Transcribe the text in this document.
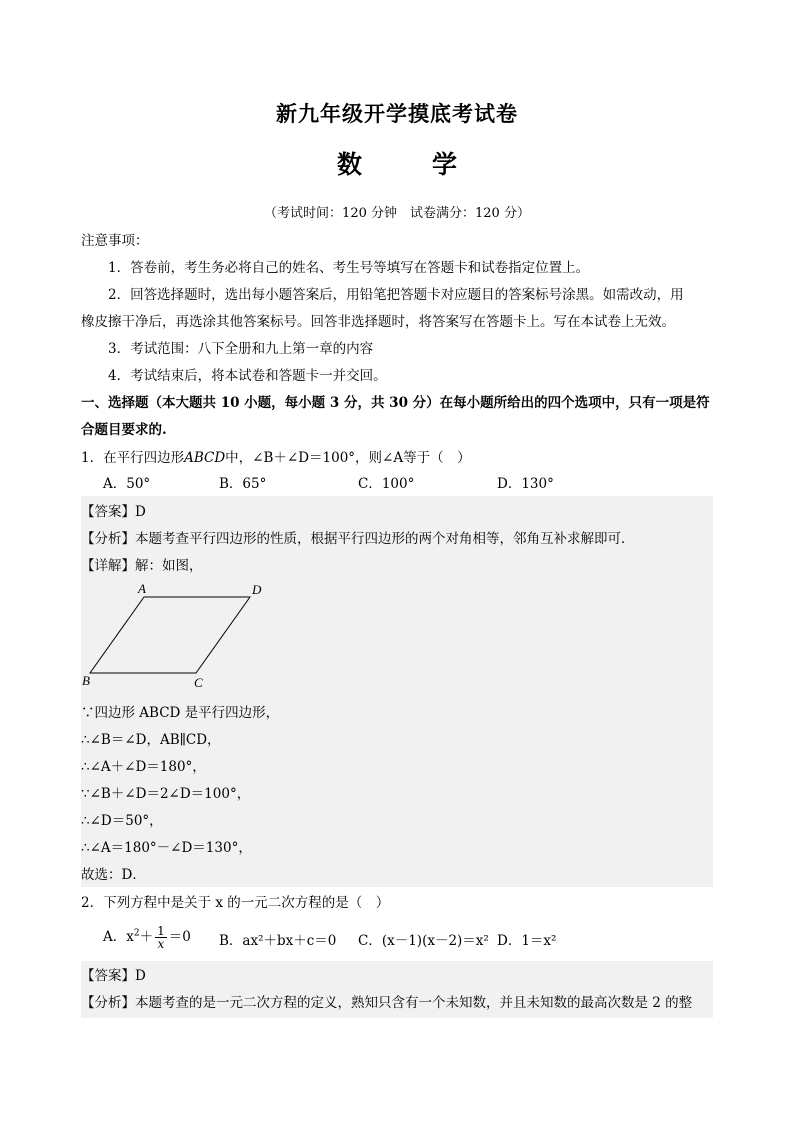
新九年级开学摸底考试卷
数	学
（考试时间：120 分钟　试卷满分：120 分）
注意事项：
1．答卷前，考生务必将自己的姓名、考生号等填写在答题卡和试卷指定位置上。
2．回答选择题时，选出每小题答案后，用铅笔把答题卡对应题目的答案标号涂黑。如需改动，用
橡皮擦干净后，再选涂其他答案标号。回答非选择题时，将答案写在答题卡上。写在本试卷上无效。
3．考试范围：八下全册和九上第一章的内容
4．考试结束后，将本试卷和答题卡一并交回。
一、选择题（本大题共 10 小题，每小题 3 分，共 30 分）在每小题所给出的四个选项中，只有一项是符
合题目要求的.
1．在平行四边形ABCD中，∠B＋∠D＝100°，则∠A等于（　）
A．50°	B．65°	C．100°	D．130°
【答案】D
【分析】本题考查平行四边形的性质，根据平行四边形的两个对角相等，邻角互补求解即可．
【详解】解：如图，
A	D
B	C
∵四边形 ABCD 是平行四边形，
∴∠B＝∠D，AB∥CD，
∴∠A＋∠D＝180°，
∵∠B＋∠D＝2∠D＝100°，
∴∠D＝50°，
∴∠A＝180°－∠D＝130°，
故选：D．
2．下列方程中是关于 x 的一元二次方程的是（　）
A．$x^2+ \frac{1}{x} =0$ B．ax²＋bx＋c＝0 C．(x－1)(x－2)＝x² D．1＝x²
【答案】D
【分析】本题考查的是一元二次方程的定义，熟知只含有一个未知数，并且未知数的最高次数是 2 的整
